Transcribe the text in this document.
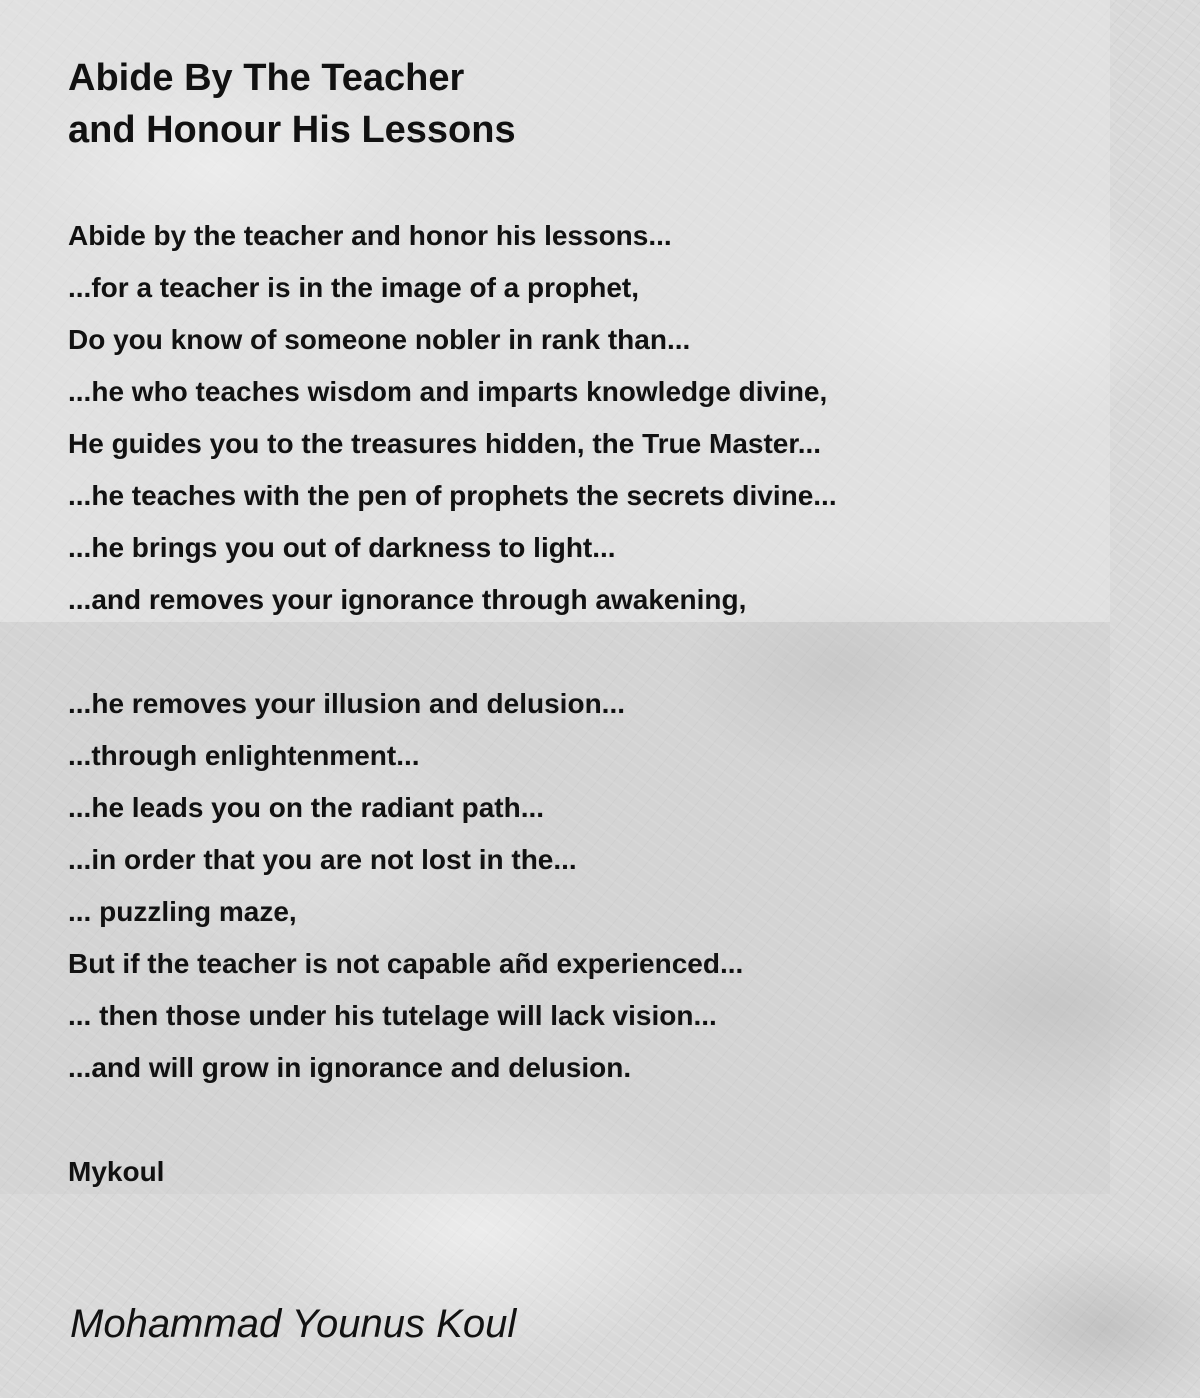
Abide By The Teacher
and Honour His Lessons
Abide by the teacher and honor his lessons...
...for a teacher is in the image of a prophet,
Do you know of someone nobler in rank than...
...he who teaches wisdom and imparts knowledge divine,
He guides you to the treasures hidden, the True Master...
...he teaches with the pen of prophets the secrets divine...
...he brings you out of darkness to light...
...and removes your ignorance through awakening,
...he removes your illusion and delusion...
...through enlightenment...
...he leads you on the radiant path...
...in order that you are not lost in the...
... puzzling maze,
But if the teacher is not capable añd experienced...
... then those under his tutelage will lack vision...
...and will grow in ignorance and delusion.
Mykoul
Mohammad Younus Koul
